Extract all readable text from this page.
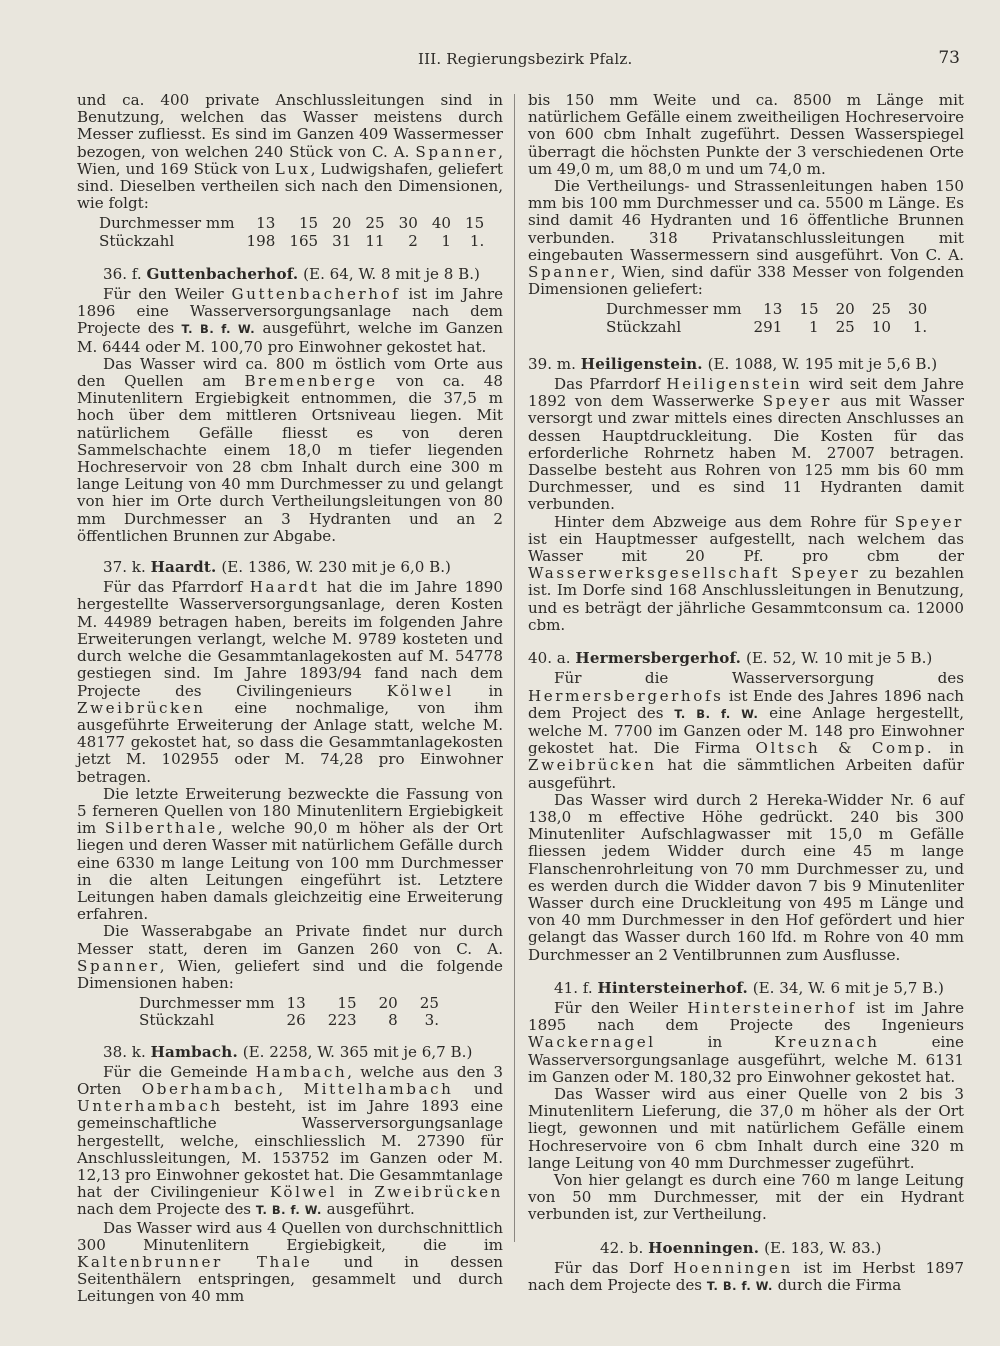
III. Regierungsbezirk Pfalz.	73

und ca. 400 private Anschlussleitungen sind in Benutzung, welchen das Wasser meistens durch Messer zufliesst. Es sind im Ganzen 409 Wassermesser bezogen, von welchen 240 Stück von C. A. Spanner, Wien, und 169 Stück von Lux, Ludwigshafen, geliefert sind. Dieselben vertheilen sich nach den Dimensionen, wie folgt:

Durchmesser mm	13	15	20	25	30	40	15
Stückzahl	198	165	31	11	2	1	1.
36. f. Guttenbacherhof. (E. 64, W. 8 mit je 8 B.)

Für den Weiler Guttenbacherhof ist im Jahre 1896 eine Wasserversorgungsanlage nach dem Projecte des T. B. f. W. ausgeführt, welche im Ganzen M. 6444 oder M. 100,70 pro Einwohner gekostet hat.

Das Wasser wird ca. 800 m östlich vom Orte aus den Quellen am Bremenberge von ca. 48 Minutenlitern Ergiebigkeit entnommen, die 37,5 m hoch über dem mittleren Ortsniveau liegen. Mit natürlichem Gefälle fliesst es von deren Sammelschachte einem 18,0 m tiefer liegenden Hochreservoir von 28 cbm Inhalt durch eine 300 m lange Leitung von 40 mm Durchmesser zu und gelangt von hier im Orte durch Vertheilungsleitungen von 80 mm Durchmesser an 3 Hydranten und an 2 öffentlichen Brunnen zur Abgabe.

37. k. Haardt. (E. 1386, W. 230 mit je 6,0 B.)

Für das Pfarrdorf Haardt hat die im Jahre 1890 hergestellte Wasserversorgungsanlage, deren Kosten M. 44989 betragen haben, bereits im folgenden Jahre Erweiterungen verlangt, welche M. 9789 kosteten und durch welche die Gesammtanlagekosten auf M. 54778 gestiegen sind. Im Jahre 1893/94 fand nach dem Projecte des Civilingenieurs Kölwel in Zweibrücken eine nochmalige, von ihm ausgeführte Erweiterung der Anlage statt, welche M. 48177 gekostet hat, so dass die Gesammtanlagekosten jetzt M. 102955 oder M. 74,28 pro Einwohner betragen.

Die letzte Erweiterung bezweckte die Fassung von 5 ferneren Quellen von 180 Minutenlitern Ergiebigkeit im Silberthale, welche 90,0 m höher als der Ort liegen und deren Wasser mit natürlichem Gefälle durch eine 6330 m lange Leitung von 100 mm Durchmesser in die alten Leitungen eingeführt ist. Letztere Leitungen haben damals gleichzeitig eine Erweiterung erfahren.

Die Wasserabgabe an Private findet nur durch Messer statt, deren im Ganzen 260 von C. A. Spanner, Wien, geliefert sind und die folgende Dimensionen haben:

Durchmesser mm	13	15	20	25
Stückzahl	26	223	8	3.
38. k. Hambach. (E. 2258, W. 365 mit je 6,7 B.)

Für die Gemeinde Hambach, welche aus den 3 Orten Oberhambach, Mittelhambach und Unterhambach besteht, ist im Jahre 1893 eine gemeinschaftliche Wasserversorgungsanlage hergestellt, welche, einschliesslich M. 27390 für Anschlussleitungen, M. 153752 im Ganzen oder M. 12,13 pro Einwohner gekostet hat. Die Gesammtanlage hat der Civilingenieur Kölwel in Zweibrücken nach dem Projecte des T. B. f. W. ausgeführt.

Das Wasser wird aus 4 Quellen von durchschnittlich 300 Minutenlitern Ergiebigkeit, die im Kaltenbrunner Thale und in dessen Seitenthälern entspringen, gesammelt und durch Leitungen von 40 mm

bis 150 mm Weite und ca. 8500 m Länge mit natürlichem Gefälle einem zweitheiligen Hochreservoire von 600 cbm Inhalt zugeführt. Dessen Wasserspiegel überragt die höchsten Punkte der 3 verschiedenen Orte um 49,0 m, um 88,0 m und um 74,0 m.

Die Vertheilungs- und Strassenleitungen haben 150 mm bis 100 mm Durchmesser und ca. 5500 m Länge. Es sind damit 46 Hydranten und 16 öffentliche Brunnen verbunden. 318 Privatanschlussleitungen mit eingebauten Wassermessern sind ausgeführt. Von C. A. Spanner, Wien, sind dafür 338 Messer von folgenden Dimensionen geliefert:

Durchmesser mm	13	15	20	25	30
Stückzahl	291	1	25	10	1.
39. m. Heiligenstein. (E. 1088, W. 195 mit je 5,6 B.)

Das Pfarrdorf Heiligenstein wird seit dem Jahre 1892 von dem Wasserwerke Speyer aus mit Wasser versorgt und zwar mittels eines directen Anschlusses an dessen Hauptdruckleitung. Die Kosten für das erforderliche Rohrnetz haben M. 27007 betragen. Dasselbe besteht aus Rohren von 125 mm bis 60 mm Durchmesser, und es sind 11 Hydranten damit verbunden.

Hinter dem Abzweige aus dem Rohre für Speyer ist ein Hauptmesser aufgestellt, nach welchem das Wasser mit 20 Pf. pro cbm der Wasserwerksgesellschaft Speyer zu bezahlen ist. Im Dorfe sind 168 Anschlussleitungen in Benutzung, und es beträgt der jährliche Gesammtconsum ca. 12000 cbm.

40. a. Hermersbergerhof. (E. 52, W. 10 mit je 5 B.)

Für die Wasserversorgung des Hermersbergerhofs ist Ende des Jahres 1896 nach dem Project des T. B. f. W. eine Anlage hergestellt, welche M. 7700 im Ganzen oder M. 148 pro Einwohner gekostet hat. Die Firma Oltsch & Comp. in Zweibrücken hat die sämmtlichen Arbeiten dafür ausgeführt.

Das Wasser wird durch 2 Hereka-Widder Nr. 6 auf 138,0 m effective Höhe gedrückt. 240 bis 300 Minutenliter Aufschlagwasser mit 15,0 m Gefälle fliessen jedem Widder durch eine 45 m lange Flanschenrohrleitung von 70 mm Durchmesser zu, und es werden durch die Widder davon 7 bis 9 Minutenliter Wasser durch eine Druckleitung von 495 m Länge und von 40 mm Durchmesser in den Hof gefördert und hier gelangt das Wasser durch 160 lfd. m Rohre von 40 mm Durchmesser an 2 Ventilbrunnen zum Ausflusse.

41. f. Hintersteinerhof. (E. 34, W. 6 mit je 5,7 B.)

Für den Weiler Hintersteinerhof ist im Jahre 1895 nach dem Projecte des Ingenieurs Wackernagel in Kreuznach eine Wasserversorgungsanlage ausgeführt, welche M. 6131 im Ganzen oder M. 180,32 pro Einwohner gekostet hat.

Das Wasser wird aus einer Quelle von 2 bis 3 Minutenlitern Lieferung, die 37,0 m höher als der Ort liegt, gewonnen und mit natürlichem Gefälle einem Hochreservoire von 6 cbm Inhalt durch eine 320 m lange Leitung von 40 mm Durchmesser zugeführt.

Von hier gelangt es durch eine 760 m lange Leitung von 50 mm Durchmesser, mit der ein Hydrant verbunden ist, zur Vertheilung.

42. b. Hoenningen. (E. 183, W. 83.)

Für das Dorf Hoenningen ist im Herbst 1897 nach dem Projecte des T. B. f. W. durch die Firma
